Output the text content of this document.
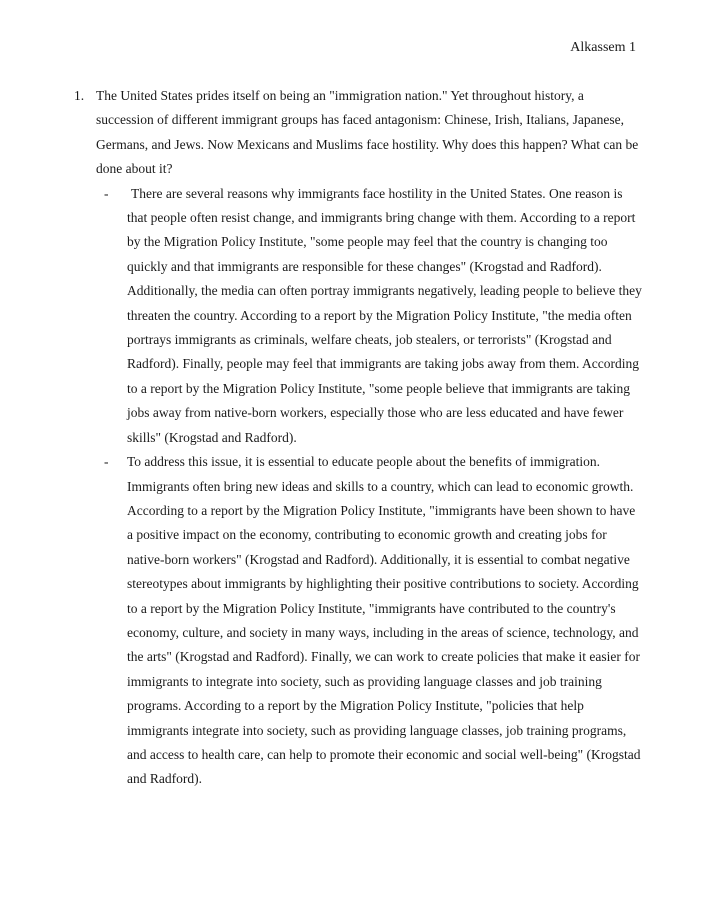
Alkassem 1
1. The United States prides itself on being an "immigration nation." Yet throughout history, a succession of different immigrant groups has faced antagonism: Chinese, Irish, Italians, Japanese, Germans, and Jews. Now Mexicans and Muslims face hostility. Why does this happen? What can be done about it?
- There are several reasons why immigrants face hostility in the United States. One reason is that people often resist change, and immigrants bring change with them. According to a report by the Migration Policy Institute, "some people may feel that the country is changing too quickly and that immigrants are responsible for these changes" (Krogstad and Radford). Additionally, the media can often portray immigrants negatively, leading people to believe they threaten the country. According to a report by the Migration Policy Institute, "the media often portrays immigrants as criminals, welfare cheats, job stealers, or terrorists" (Krogstad and Radford). Finally, people may feel that immigrants are taking jobs away from them. According to a report by the Migration Policy Institute, "some people believe that immigrants are taking jobs away from native-born workers, especially those who are less educated and have fewer skills" (Krogstad and Radford).
- To address this issue, it is essential to educate people about the benefits of immigration. Immigrants often bring new ideas and skills to a country, which can lead to economic growth. According to a report by the Migration Policy Institute, "immigrants have been shown to have a positive impact on the economy, contributing to economic growth and creating jobs for native-born workers" (Krogstad and Radford). Additionally, it is essential to combat negative stereotypes about immigrants by highlighting their positive contributions to society. According to a report by the Migration Policy Institute, "immigrants have contributed to the country's economy, culture, and society in many ways, including in the areas of science, technology, and the arts" (Krogstad and Radford). Finally, we can work to create policies that make it easier for immigrants to integrate into society, such as providing language classes and job training programs. According to a report by the Migration Policy Institute, "policies that help immigrants integrate into society, such as providing language classes, job training programs, and access to health care, can help to promote their economic and social well-being" (Krogstad and Radford).
